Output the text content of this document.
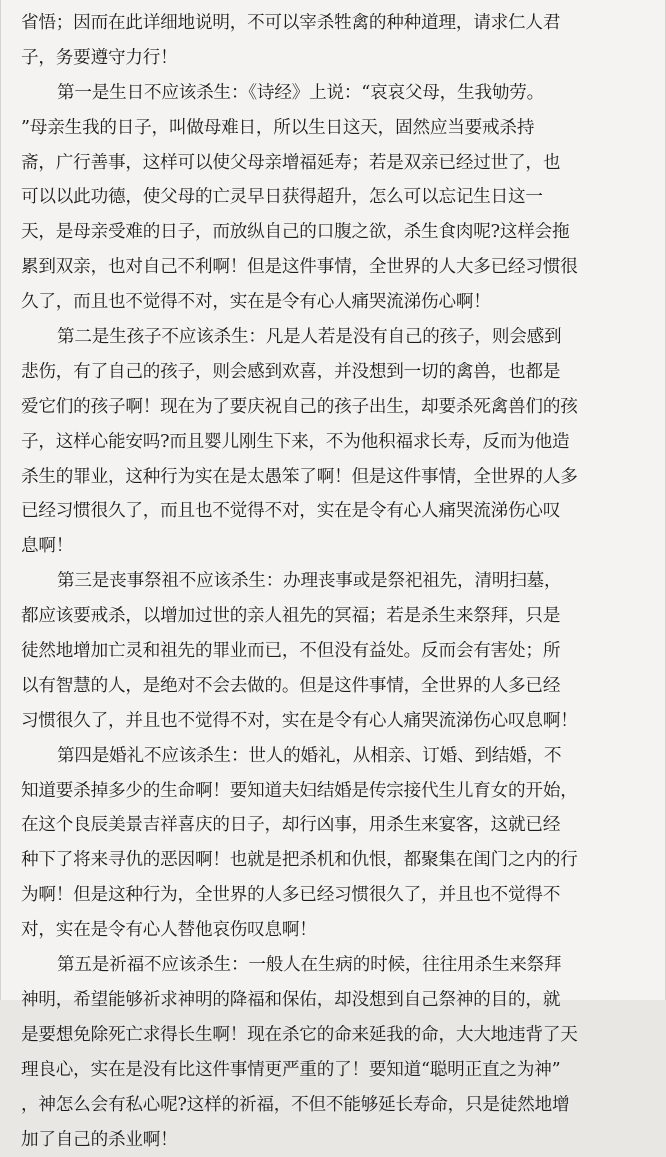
省悟；因而在此详细地说明，不可以宰杀牲禽的种种道理，请求仁人君
子，务要遵守力行！
第一是生日不应该杀生：《诗经》上说：“哀哀父母，生我劬劳。
”母亲生我的日子，叫做母难日，所以生日这天，固然应当要戒杀持
斋，广行善事，这样可以使父母亲增福延寿；若是双亲已经过世了，也
可以以此功德，使父母的亡灵早日获得超升，怎么可以忘记生日这一
天，是母亲受难的日子，而放纵自己的口腹之欲，杀生食肉呢?这样会拖
累到双亲，也对自己不利啊！但是这件事情，全世界的人大多已经习惯很
久了，而且也不觉得不对，实在是令有心人痛哭流涕伤心啊！
第二是生孩子不应该杀生：凡是人若是没有自己的孩子，则会感到
悲伤，有了自己的孩子，则会感到欢喜，并没想到一切的禽兽，也都是
爱它们的孩子啊！现在为了要庆祝自己的孩子出生，却要杀死禽兽们的孩
子，这样心能安吗?而且婴儿刚生下来，不为他积福求长寿，反而为他造
杀生的罪业，这种行为实在是太愚笨了啊！但是这件事情，全世界的人多
已经习惯很久了，而且也不觉得不对，实在是令有心人痛哭流涕伤心叹
息啊！
第三是丧事祭祖不应该杀生：办理丧事或是祭祀祖先，清明扫墓，
都应该要戒杀，以增加过世的亲人祖先的冥福；若是杀生来祭拜，只是
徒然地增加亡灵和祖先的罪业而已，不但没有益处。反而会有害处；所
以有智慧的人，是绝对不会去做的。但是这件事情，全世界的人多已经
习惯很久了，并且也不觉得不对，实在是令有心人痛哭流涕伤心叹息啊！
第四是婚礼不应该杀生：世人的婚礼，从相亲、订婚、到结婚，不
知道要杀掉多少的生命啊！要知道夫妇结婚是传宗接代生儿育女的开始，
在这个良辰美景吉祥喜庆的日子，却行凶事，用杀生来宴客，这就已经
种下了将来寻仇的恶因啊！也就是把杀机和仇恨，都聚集在闺门之内的行
为啊！但是这种行为，全世界的人多已经习惯很久了，并且也不觉得不
对，实在是令有心人替他哀伤叹息啊！
第五是祈福不应该杀生：一般人在生病的时候，往往用杀生来祭拜
神明，希望能够祈求神明的降福和保佑，却没想到自己祭神的目的，就
是要想免除死亡求得长生啊！现在杀它的命来延我的命，大大地违背了天
理良心，实在是没有比这件事情更严重的了！要知道“聪明正直之为神”
，神怎么会有私心呢?这样的祈福，不但不能够延长寿命，只是徒然地增
加了自己的杀业啊！
